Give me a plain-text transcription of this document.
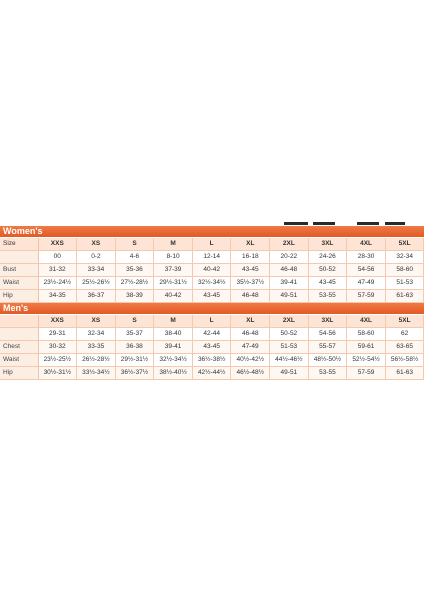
Women's
Size	XXS	XS	S	M	L	XL	2XL	3XL	4XL	5XL
	00	0-2	4-6	8-10	12-14	16-18	20-22	24-26	28-30	32-34
Bust	31-32	33-34	35-36	37-39	40-42	43-45	46-48	50-52	54-56	58-60
Waist	23½-24½	25½-26½	27½-28½	29½-31½	32½-34½	35½-37½	39-41	43-45	47-49	51-53
Hip	34-35	36-37	38-39	40-42	43-45	46-48	49-51	53-55	57-59	61-63
Men's
	XXS	XS	S	M	L	XL	2XL	3XL	4XL	5XL
	29-31	32-34	35-37	38-40	42-44	46-48	50-52	54-56	58-60	62
Chest	30-32	33-35	36-38	39-41	43-45	47-49	51-53	55-57	59-61	63-65
Waist	23½-25½	26½-28½	29½-31½	32½-34½	36½-38½	40½-42½	44½-46½	48½-50½	52½-54½	56½-58½
Hip	30½-31½	33½-34½	36½-37½	38½-40½	42½-44½	46½-48½	49-51	53-55	57-59	61-63
